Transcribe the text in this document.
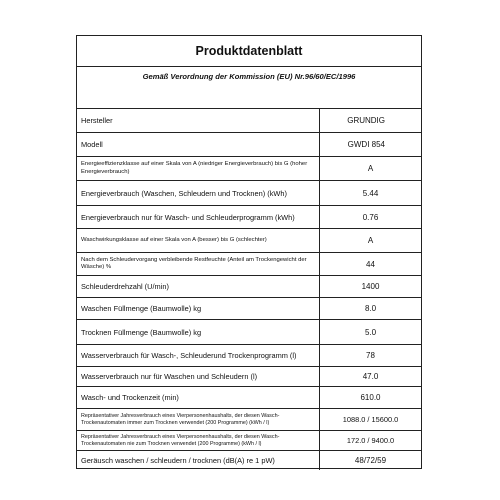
Produktdatenblatt
Gemäß Verordnung der Kommission (EU) Nr.96/60/EC/1996
Hersteller	GRUNDIG
Modell	GWDI 854
Energieeffizienzklasse auf einer Skala von A (niedriger Energieverbrauch) bis G (hoher Energieverbrauch)	A
Energieverbrauch (Waschen, Schleudern und Trocknen) (kWh)	5.44
Energieverbrauch nur für Wasch- und Schleuderprogramm (kWh)	0.76
Waschwirkungsklasse auf einer Skala von A (besser) bis G (schlechter)	A
Nach dem Schleudervorgang verbleibende Restfeuchte (Anteil am Trockengewicht der Wäsche) %	44
Schleuderdrehzahl (U/min)	1400
Waschen Füllmenge (Baumwolle) kg	8.0
Trocknen Füllmenge (Baumwolle) kg	5.0
Wasserverbrauch für Wasch-, Schleuderund Trockenprogramm (l)	78
Wasserverbrauch nur für Waschen und Schleudern (l)	47.0
Wasch- und Trockenzeit (min)	610.0
Repräsentativer Jahresverbrauch eines Vierpersonenhaushalts, der diesen Wasch-Trockenautomaten immer zum Trocknen verwendet (200 Programme) (kWh / l)	1088.0 / 15600.0
Repräsentativer Jahresverbrauch eines Vierpersonenhaushalts, der diesen Wasch-Trockenautomaten nie zum Trocknen verwendet (200 Programme) (kWh / l)	172.0 / 9400.0
Geräusch waschen / schleudern / trocknen (dB(A) re 1 pW)	48/72/59
